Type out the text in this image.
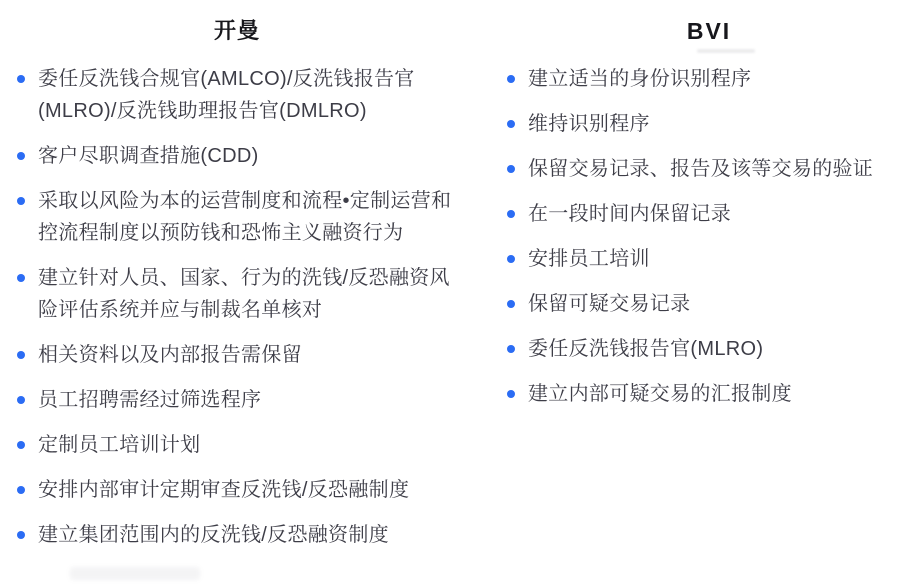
开曼
委任反洗钱合规官(AMLCO)/反洗钱报告官(MLRO)/反洗钱助理报告官(DMLRO)
客户尽职调查措施(CDD)
采取以风险为本的运营制度和流程•定制运营和控流程制度以预防钱和恐怖主义融资行为
建立针对人员、国家、行为的洗钱/反恐融资风险评估系统并应与制裁名单核对
相关资料以及内部报告需保留
员工招聘需经过筛选程序
定制员工培训计划
安排内部审计定期审查反洗钱/反恐融制度
建立集团范围内的反洗钱/反恐融资制度
BVI
建立适当的身份识别程序
维持识别程序
保留交易记录、报告及该等交易的验证
在一段时间内保留记录
安排员工培训
保留可疑交易记录
委任反洗钱报告官(MLRO)
建立内部可疑交易的汇报制度
